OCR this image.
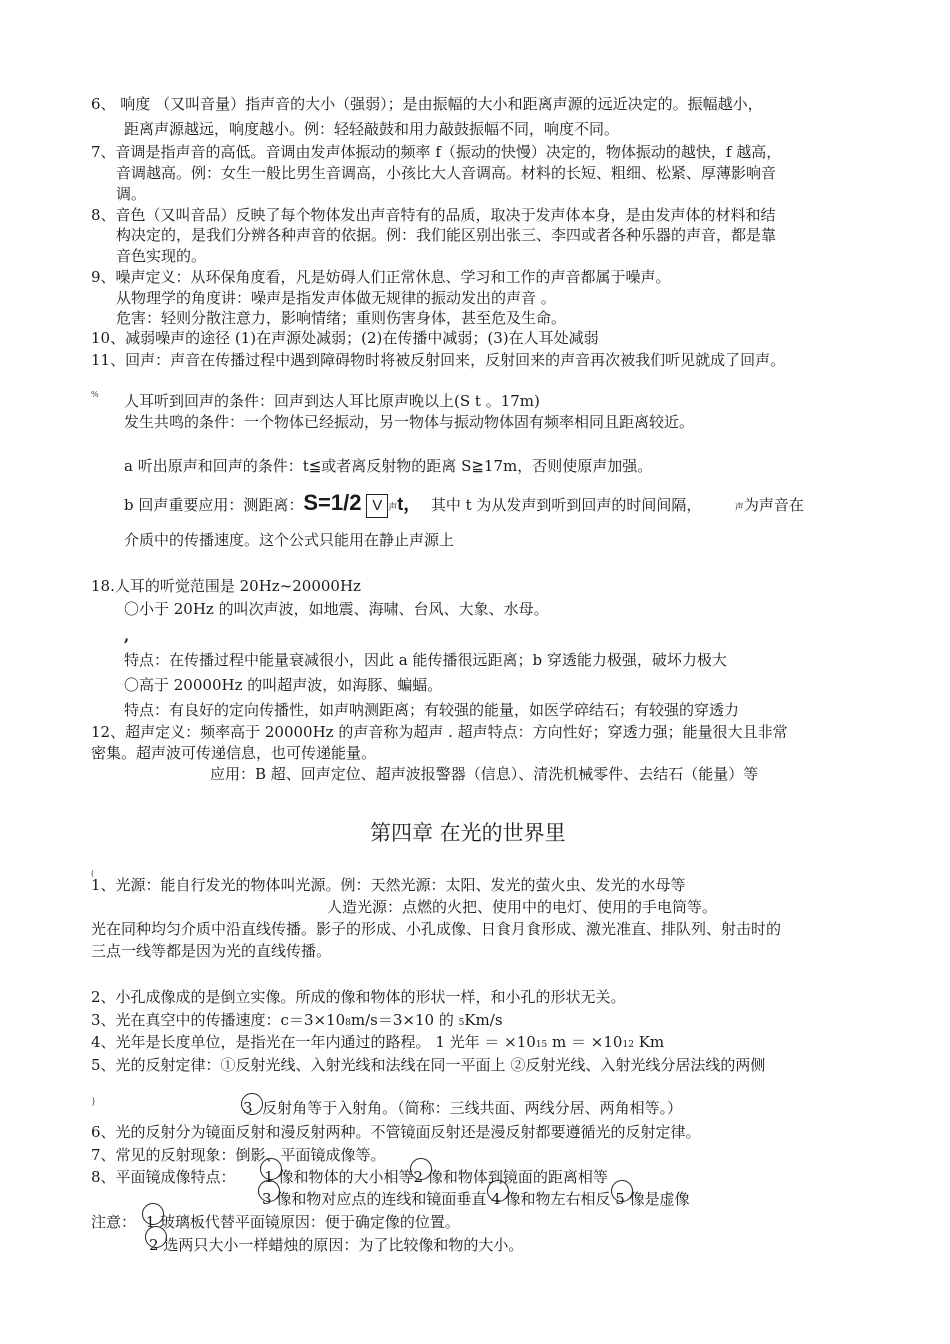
6、 响度 （又叫音量）指声音的大小（强弱）；是由振幅的大小和距离声源的远近决定的。振幅越小，
距离声源越远，响度越小。例：轻轻敲鼓和用力敲鼓振幅不同，响度不同。
7、音调是指声音的高低。音调由发声体振动的频率 f（振动的快慢）决定的，物体振动的越快，f 越高，
音调越高。例：女生一般比男生音调高，小孩比大人音调高。材料的长短、粗细、松紧、厚薄影响音
调。
8、音色（又叫音品）反映了每个物体发出声音特有的品质，取决于发声体本身，是由发声体的材料和结
构决定的，是我们分辨各种声音的依据。例：我们能区别出张三、李四或者各种乐器的声音，都是靠
音色实现的。
9、噪声定义：从环保角度看，凡是妨碍人们正常休息、学习和工作的声音都属于噪声。
从物理学的角度讲：噪声是指发声体做无规律的振动发出的声音 。
危害：轻则分散注意力，影响情绪；重则伤害身体，甚至危及生命。
10、减弱噪声的途径 (1)在声源处减弱；(2)在传播中减弱；(3)在人耳处减弱
11、回声：声音在传播过程中遇到障碍物时将被反射回来，反射回来的声音再次被我们听见就成了回声。
% 人耳听到回声的条件：回声到达人耳比原声晚以上(S t 。17m)
发生共鸣的条件：一个物体已经振动，另一物体与振动物体固有频率相同且距离较近。
a 听出原声和回声的条件：t≦或者离反射物的距离 S≧17m，否则使原声加强。
b 回声重要应用：测距离：S=1/2 V 声t， 其中 t 为从发声到听到回声的时间间隔，	声为声音在
介质中的传播速度。这个公式只能用在静止声源上
18.人耳的听觉范围是 20Hz~20000Hz
〇小于 20Hz 的叫次声波，如地震、海啸、台风、大象、水母。
,
特点：在传播过程中能量衰减很小，因此 a 能传播很远距离；b 穿透能力极强，破坏力极大
〇高于 20000Hz 的叫超声波，如海豚、蝙蝠。
特点：有良好的定向传播性，如声呐测距离；有较强的能量，如医学碎结石；有较强的穿透力
12、超声定义：频率高于 20000Hz 的声音称为超声 . 超声特点：方向性好；穿透力强；能量很大且非常
密集。超声波可传递信息，也可传递能量。
应用：B 超、回声定位、超声波报警器（信息）、清洗机械零件、去结石（能量）等
第四章 在光的世界里
(
1、光源：能自行发光的物体叫光源。例：天然光源：太阳、发光的萤火虫、发光的水母等
人造光源：点燃的火把、使用中的电灯、使用的手电筒等。
光在同种均匀介质中沿直线传播。影子的形成、小孔成像、日食月食形成、激光准直、排队列、射击时的
三点一线等都是因为光的直线传播。
2、小孔成像成的是倒立实像。所成的像和物体的形状一样，和小孔的形状无关。
3、光在真空中的传播速度：c＝3×108m/s＝3×10 的 5Km/s
4、光年是长度单位，是指光在一年内通过的路程。 1 光年 ＝ ×1015 m ＝ ×1012 Km
5、光的反射定律：①反射光线、入射光线和法线在同一平面上 ②反射光线、入射光线分居法线的两侧
}	3 反射角等于入射角。（简称：三线共面、两线分居、两角相等。）
6、光的反射分为镜面反射和漫反射两种。不管镜面反射还是漫反射都要遵循光的反射定律。
7、常见的反射现象：倒影、平面镜成像等。
8、平面镜成像特点： 1 像和物体的大小相等
2 像和物体到镜面的距离相等
3 像和物对应点的连线和镜面垂直 4 像和物左右相反 5 像是虚像
注意： 1 玻璃板代替平面镜原因：便于确定像的位置。
2 选两只大小一样蜡烛的原因：为了比较像和物的大小。
